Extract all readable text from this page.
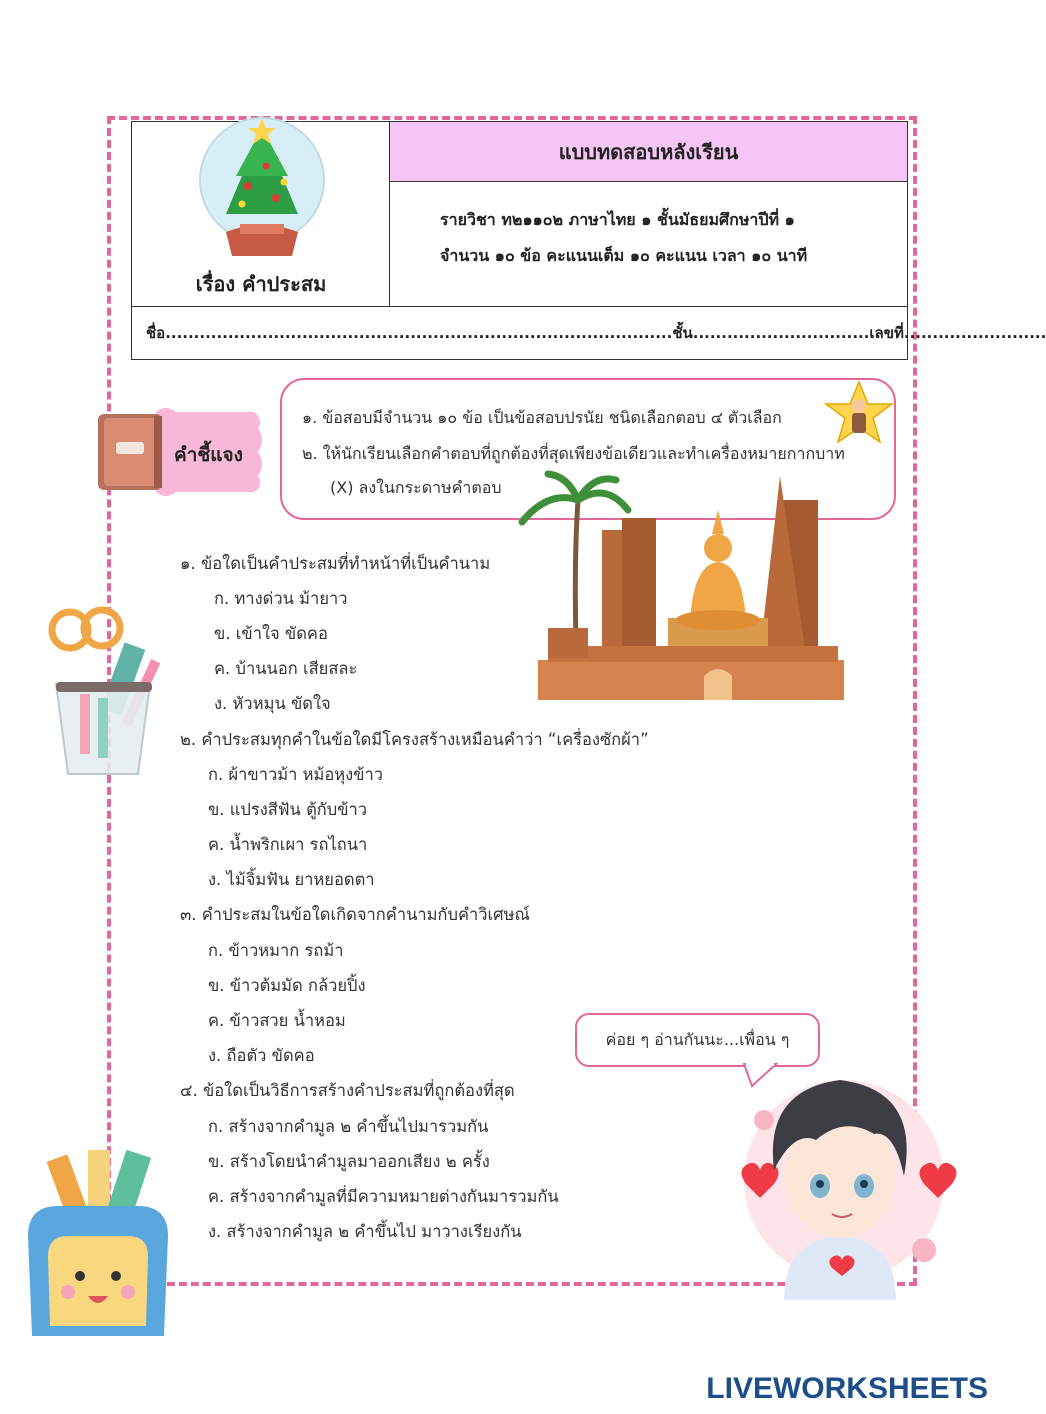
เรื่อง คำประสม
แบบทดสอบหลังเรียน
รายวิชา ท๒๑๑๐๒ ภาษาไทย ๑ ชั้นมัธยมศึกษาปีที่ ๑
จำนวน ๑๐ ข้อ คะแนนเต็ม ๑๐ คะแนน เวลา ๑๐ นาที
ชื่อ.........................................................................................ชั้น...............................เลขที่.........................
คำชี้แจง
๑. ข้อสอบมีจำนวน ๑๐ ข้อ เป็นข้อสอบปรนัย ชนิดเลือกตอบ ๔ ตัวเลือก
๒. ให้นักเรียนเลือกคำตอบที่ถูกต้องที่สุดเพียงข้อเดียวและทำเครื่องหมายกากบาท
(X) ลงในกระดาษคำตอบ
๑. ข้อใดเป็นคำประสมที่ทำหน้าที่เป็นคำนาม
ก. ทางด่วน ม้ายาว
ข. เข้าใจ ขัดคอ
ค. บ้านนอก เสียสละ
ง. หัวหมุน ขัดใจ
๒. คำประสมทุกคำในข้อใดมีโครงสร้างเหมือนคำว่า “เครื่องซักผ้า”
ก. ผ้าขาวม้า หม้อหุงข้าว
ข. แปรงสีฟัน ตู้กับข้าว
ค. น้ำพริกเผา รถไถนา
ง. ไม้จิ้มฟัน ยาหยอดตา
๓. คำประสมในข้อใดเกิดจากคำนามกับคำวิเศษณ์
ก. ข้าวหมาก รถม้า
ข. ข้าวต้มมัด กล้วยปิ้ง
ค. ข้าวสวย น้ำหอม
ง. ถือตัว ขัดคอ
๔. ข้อใดเป็นวิธีการสร้างคำประสมที่ถูกต้องที่สุด
ก. สร้างจากคำมูล ๒ คำขึ้นไปมารวมกัน
ข. สร้างโดยนำคำมูลมาออกเสียง ๒ ครั้ง
ค. สร้างจากคำมูลที่มีความหมายต่างกันมารวมกัน
ง. สร้างจากคำมูล ๒ คำขึ้นไป มาวางเรียงกัน
ค่อย ๆ อ่านกันนะ...เพื่อน ๆ
LIVEWORKSHEETS
